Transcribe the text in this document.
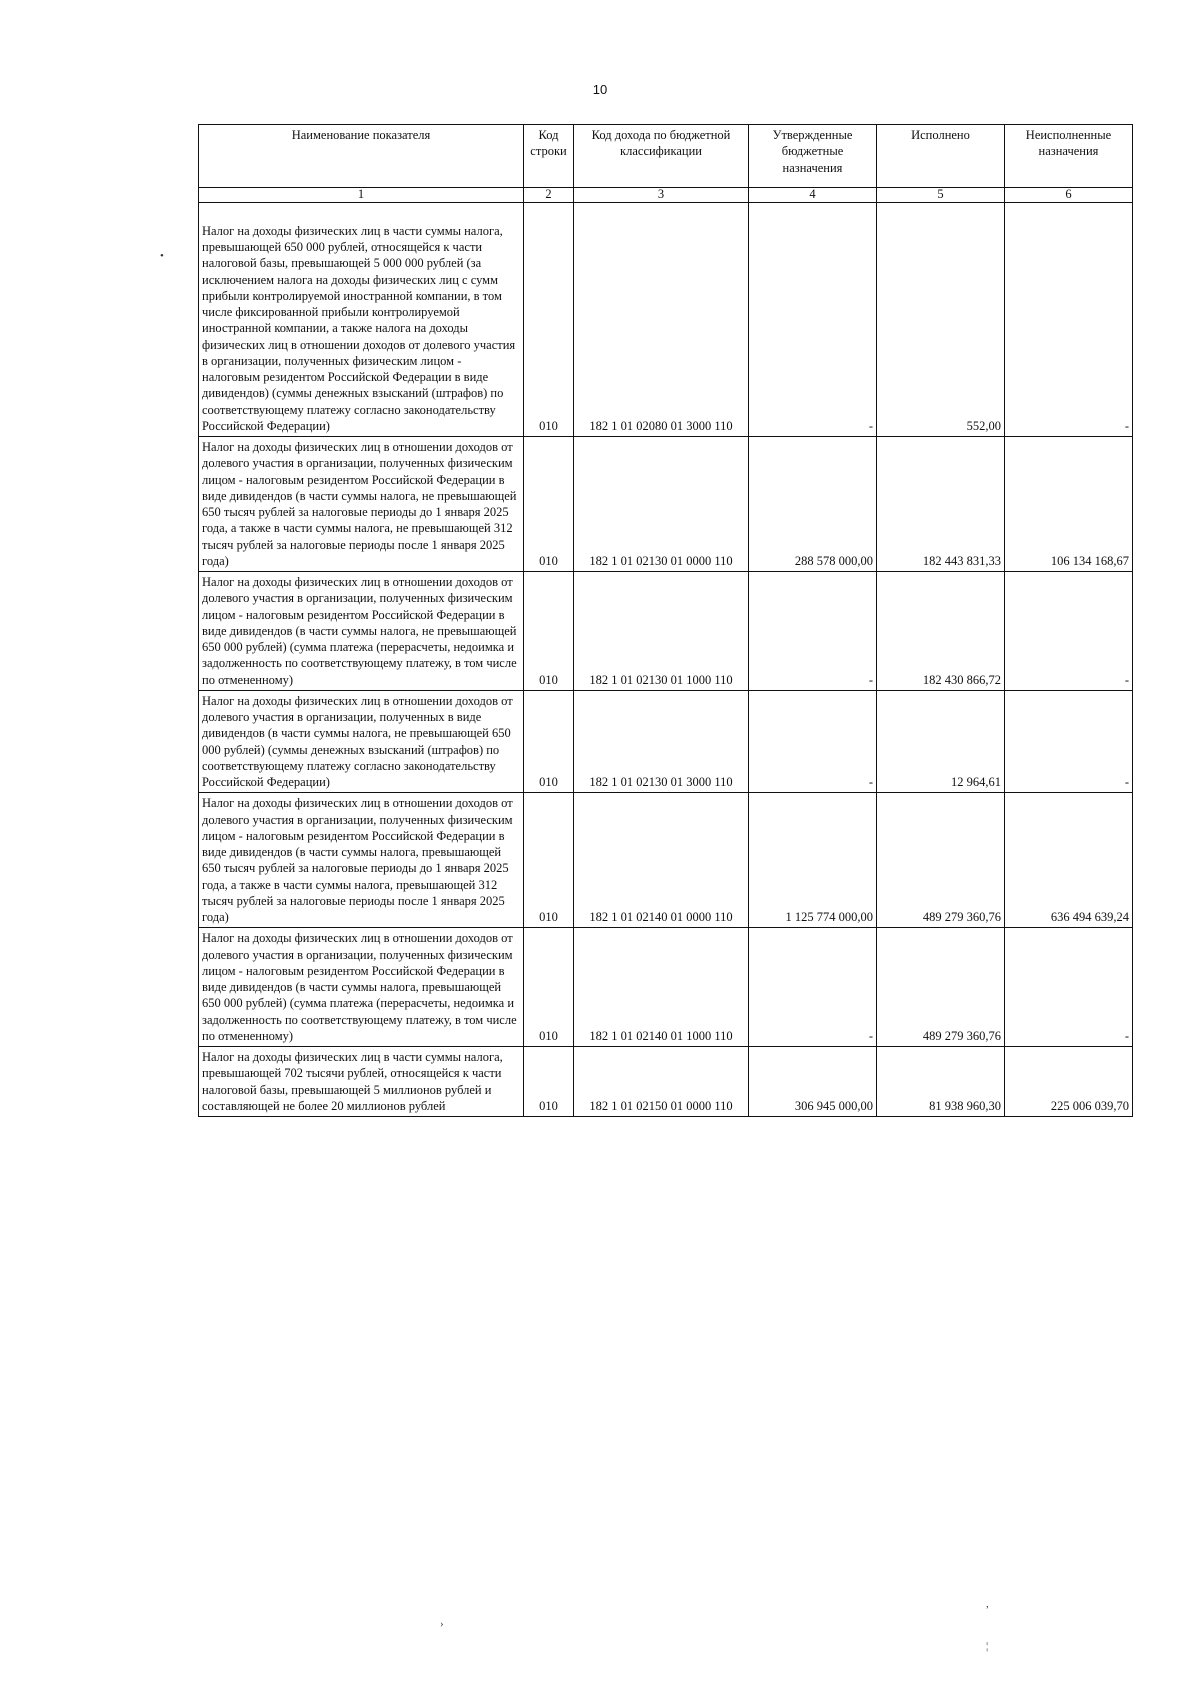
10
Наименование показателя	Код строки	Код дохода по бюджетной классификации	Утвержденные бюджетные назначения	Исполнено	Неисполненные назначения
1	2	3	4	5	6
Налог на доходы физических лиц в части суммы налога, превышающей 650 000 рублей, относящейся к части налоговой базы, превышающей 5 000 000 рублей (за исключением налога на доходы физических лиц с сумм прибыли контролируемой иностранной компании, в том числе фиксированной прибыли контролируемой иностранной компании, а также налога на доходы физических лиц в отношении доходов от долевого участия в организации, полученных физическим лицом - налоговым резидентом Российской Федерации в виде дивидендов) (суммы денежных взысканий (штрафов) по соответствующему платежу согласно законодательству Российской Федерации)	010	182 1 01 02080 01 3000 110	-	552,00	-
Налог на доходы физических лиц в отношении доходов от долевого участия в организации, полученных физическим лицом - налоговым резидентом Российской Федерации в виде дивидендов (в части суммы налога, не превышающей 650 тысяч рублей за налоговые периоды до 1 января 2025 года, а также в части суммы налога, не превышающей 312 тысяч рублей за налоговые периоды после 1 января 2025 года)	010	182 1 01 02130 01 0000 110	288 578 000,00	182 443 831,33	106 134 168,67
Налог на доходы физических лиц в отношении доходов от долевого участия в организации, полученных физическим лицом - налоговым резидентом Российской Федерации в виде дивидендов (в части суммы налога, не превышающей 650 000 рублей) (сумма платежа (перерасчеты, недоимка и задолженность по соответствующему платежу, в том числе по отмененному)	010	182 1 01 02130 01 1000 110	-	182 430 866,72	-
Налог на доходы физических лиц в отношении доходов от долевого участия в организации, полученных в виде дивидендов (в части суммы налога, не превышающей 650 000 рублей) (суммы денежных взысканий (штрафов) по соответствующему платежу согласно законодательству Российской Федерации)	010	182 1 01 02130 01 3000 110	-	12 964,61	-
Налог на доходы физических лиц в отношении доходов от долевого участия в организации, полученных физическим лицом - налоговым резидентом Российской Федерации в виде дивидендов (в части суммы налога, превышающей 650 тысяч рублей за налоговые периоды до 1 января 2025 года, а также в части суммы налога, превышающей 312 тысяч рублей за налоговые периоды после 1 января 2025 года)	010	182 1 01 02140 01 0000 110	1 125 774 000,00	489 279 360,76	636 494 639,24
Налог на доходы физических лиц в отношении доходов от долевого участия в организации, полученных физическим лицом - налоговым резидентом Российской Федерации в виде дивидендов (в части суммы налога, превышающей 650 000 рублей) (сумма платежа (перерасчеты, недоимка и задолженность по соответствующему платежу, в том числе по отмененному)	010	182 1 01 02140 01 1000 110	-	489 279 360,76	-
Налог на доходы физических лиц в части суммы налога, превышающей 702 тысячи рублей, относящейся к части налоговой базы, превышающей 5 миллионов рублей и составляющей не более 20 миллионов рублей	010	182 1 01 02150 01 0000 110	306 945 000,00	81 938 960,30	225 006 039,70
•
›
,
¦
